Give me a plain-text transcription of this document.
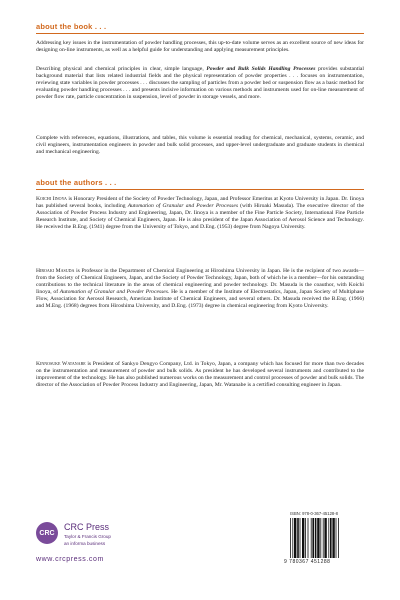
about the book . . .

Addressing key issues in the instrumentation of powder handling processes, this up-to-date volume serves as an excellent source of new ideas for designing on-line instruments, as well as a helpful guide for understanding and applying measurement principles.

Describing physical and chemical principles in clear, simple language, Powder and Bulk Solids Handling Processes provides substantial background material that lists related industrial fields and the physical representation of powder properties . . . focuses on instrumentation, reviewing state variables in powder processes . . . discusses the sampling of particles from a powder bed or suspension flow as a basic method for evaluating powder handling processes . . . and presents incisive information on various methods and instruments used for on-line measurement of powder flow rate, particle concentration in suspension, level of powder in storage vessels, and more.

Complete with references, equations, illustrations, and tables, this volume is essential reading for chemical, mechanical, systems, ceramic, and civil engineers, instrumentation engineers in powder and bulk solid processes, and upper-level undergraduate and graduate students in chemical and mechanical engineering.

about the authors . . .

Koichi Iinoya is Honorary President of the Society of Powder Technology, Japan, and Professor Emeritus at Kyoto University in Japan. Dr. Iinoya has published several books, including Automation of Granular and Powder Processes (with Hiroaki Masuda). The executive director of the Association of Powder Process Industry and Engineering, Japan, Dr. Iinoya is a member of the Fine Particle Society, International Fine Particle Research Institute, and Society of Chemical Engineers, Japan. He is also president of the Japan Association of Aerosol Science and Technology. He received the B.Eng. (1941) degree from the University of Tokyo, and D.Eng. (1953) degree from Nagoya University.

Hiroaki Masuda is Professor in the Department of Chemical Engineering at Hiroshima University in Japan. He is the recipient of two awards—from the Society of Chemical Engineers, Japan, and the Society of Powder Technology, Japan, both of which he is a member—for his outstanding contributions to the technical literature in the areas of chemical engineering and powder technology. Dr. Masuda is the coauthor, with Koichi Iinoya, of Automation of Granular and Powder Processes. He is a member of the Institute of Electrostatics, Japan, Japan Society of Multiphase Flow, Association for Aerosol Research, American Institute of Chemical Engineers, and several others. Dr. Masuda received the B.Eng. (1966) and M.Eng. (1968) degrees from Hiroshima University, and D.Eng. (1973) degree in chemical engineering from Kyoto University.

Kinnosuke Watanabe is President of Sankyo Dengyo Company, Ltd. in Tokyo, Japan, a company which has focused for more than two decades on the instrumentation and measurement of powder and bulk solids. As president he has developed several instruments and contributed to the improvement of the technology. He has also published numerous works on the measurement and control processes of powder and bulk solids. The director of the Association of Powder Process Industry and Engineering, Japan, Mr. Watanabe is a certified consulting engineer in Japan.

CRC
CRC Press
Taylor & Francis Group
an informa business
www.crcpress.com
ISBN: 978-0-367-45128-8
9 780367 451288
